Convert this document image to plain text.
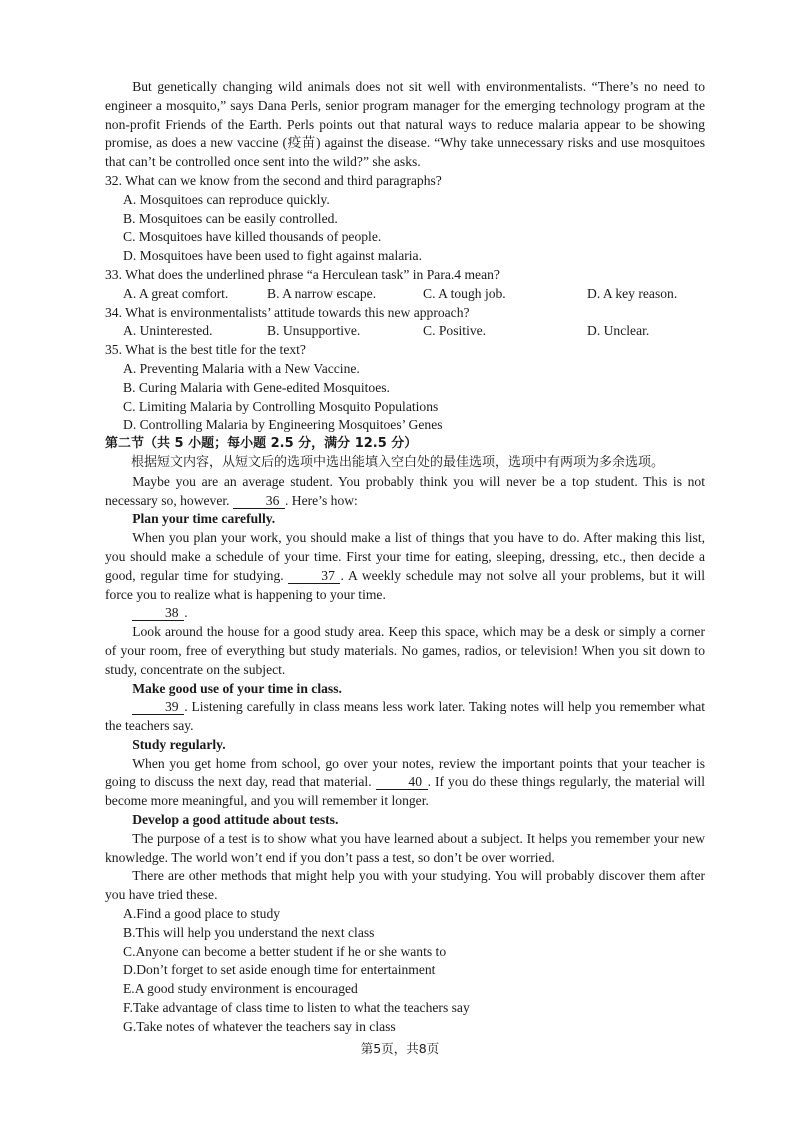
But genetically changing wild animals does not sit well with environmentalists. “There’s no need to engineer a mosquito,” says Dana Perls, senior program manager for the emerging technology program at the non-profit Friends of the Earth. Perls points out that natural ways to reduce malaria appear to be showing promise, as does a new vaccine (疫苗) against the disease. “Why take unnecessary risks and use mosquitoes that can’t be controlled once sent into the wild?” she asks.

32. What can we know from the second and third paragraphs?

A. Mosquitoes can reproduce quickly.

B. Mosquitoes can be easily controlled.

C. Mosquitoes have killed thousands of people.

D. Mosquitoes have been used to fight against malaria.

33. What does the underlined phrase “a Herculean task” in Para.4 mean?

A. A great comfort.	B. A narrow escape.	C. A tough job.	D. A key reason.

34. What is environmentalists’ attitude towards this new approach?

A. Uninterested.	B. Unsupportive.	C. Positive.	D. Unclear.

35. What is the best title for the text?

A. Preventing Malaria with a New Vaccine.

B. Curing Malaria with Gene-edited Mosquitoes.

C. Limiting Malaria by Controlling Mosquito Populations

D. Controlling Malaria by Engineering Mosquitoes’ Genes

第二节（共 5 小题；每小题 2.5 分，满分 12.5 分）

根据短文内容，从短文后的选项中选出能填入空白处的最佳选项，选项中有两项为多余选项。

Maybe you are an average student. You probably think you will never be a top student. This is not necessary so, however. 36 . Here’s how:

Plan your time carefully.

When you plan your work, you should make a list of things that you have to do. After making this list, you should make a schedule of your time. First your time for eating, sleeping, dressing, etc., then decide a good, regular time for studying. 37 . A weekly schedule may not solve all your problems, but it will force you to realize what is happening to your time.

38 .

Look around the house for a good study area. Keep this space, which may be a desk or simply a corner of your room, free of everything but study materials. No games, radios, or television! When you sit down to study, concentrate on the subject.

Make good use of your time in class.

39 . Listening carefully in class means less work later. Taking notes will help you remember what the teachers say.

Study regularly.

When you get home from school, go over your notes, review the important points that your teacher is going to discuss the next day, read that material. 40 . If you do these things regularly, the material will become more meaningful, and you will remember it longer.

Develop a good attitude about tests.

The purpose of a test is to show what you have learned about a subject. It helps you remember your new knowledge. The world won’t end if you don’t pass a test, so don’t be over worried.

There are other methods that might help you with your studying. You will probably discover them after you have tried these.

A.Find a good place to study

B.This will help you understand the next class

C.Anyone can become a better student if he or she wants to

D.Don’t forget to set aside enough time for entertainment

E.A good study environment is encouraged

F.Take advantage of class time to listen to what the teachers say

G.Take notes of whatever the teachers say in class

第5页，共8页
